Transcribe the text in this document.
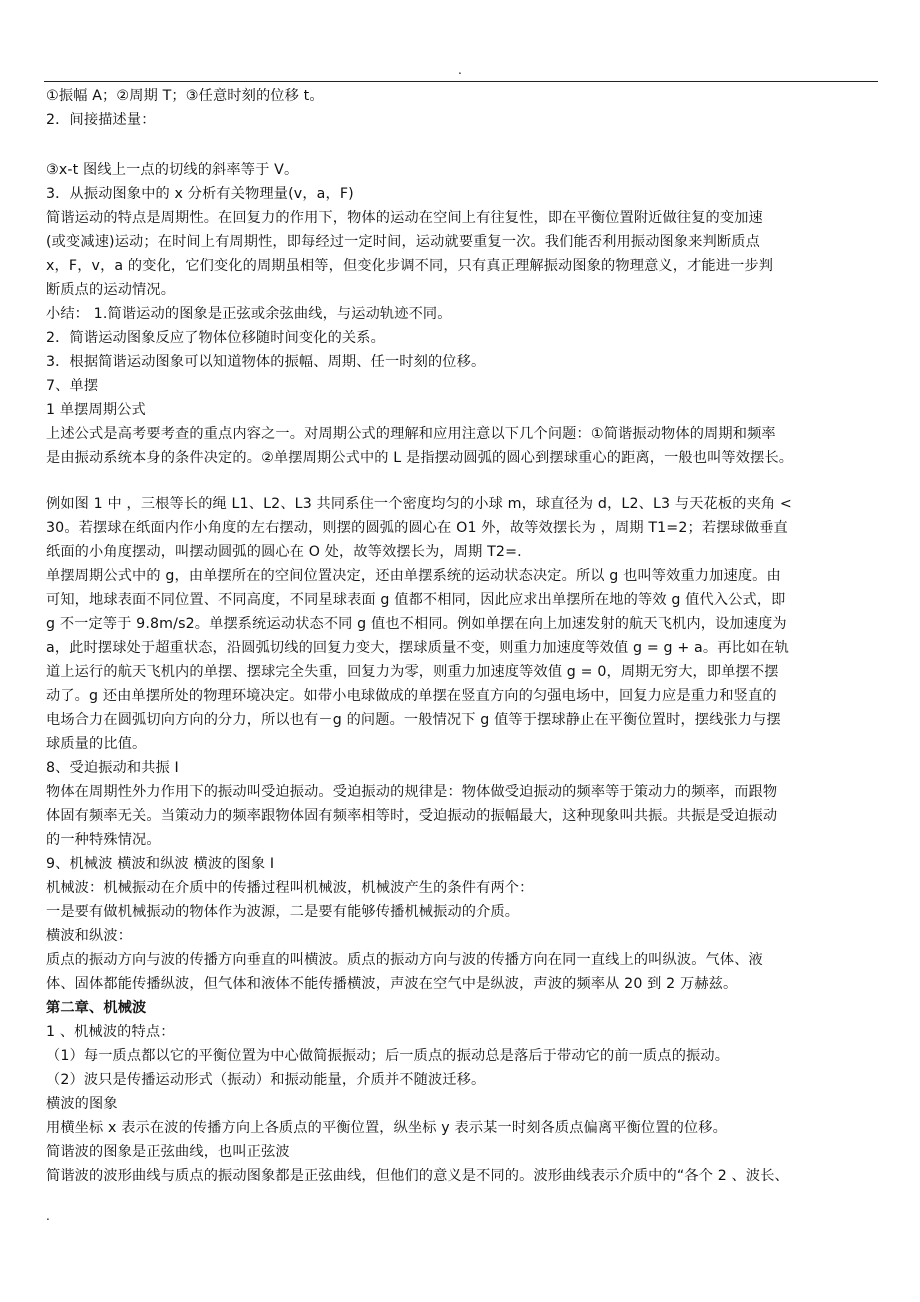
.
①振幅 A；②周期 T；③任意时刻的位移 t。
2．间接描述量：
③x-t 图线上一点的切线的斜率等于 V。
3．从振动图象中的 x 分析有关物理量(v，a，F)
简谐运动的特点是周期性。在回复力的作用下，物体的运动在空间上有往复性，即在平衡位置附近做往复的变加速
(或变减速)运动；在时间上有周期性，即每经过一定时间，运动就要重复一次。我们能否利用振动图象来判断质点
x，F，v，a 的变化，它们变化的周期虽相等，但变化步调不同，只有真正理解振动图象的物理意义，才能进一步判
断质点的运动情况。
小结： 1.简谐运动的图象是正弦或余弦曲线，与运动轨迹不同。
2．简谐运动图象反应了物体位移随时间变化的关系。
3．根据简谐运动图象可以知道物体的振幅、周期、任一时刻的位移。
7、单摆
1 单摆周期公式
上述公式是高考要考查的重点内容之一。对周期公式的理解和应用注意以下几个问题：①简谐振动物体的周期和频率
是由振动系统本身的条件决定的。②单摆周期公式中的 L 是指摆动圆弧的圆心到摆球重心的距离，一般也叫等效摆长。
例如图 1 中 ，三根等长的绳 L1、L2、L3 共同系住一个密度均匀的小球 m，球直径为 d，L2、L3 与天花板的夹角 <
30。若摆球在纸面内作小角度的左右摆动，则摆的圆弧的圆心在 O1 外，故等效摆长为 ，周期 T1=2；若摆球做垂直
纸面的小角度摆动，叫摆动圆弧的圆心在 O 处，故等效摆长为，周期 T2=.
单摆周期公式中的 g，由单摆所在的空间位置决定，还由单摆系统的运动状态决定。所以 g 也叫等效重力加速度。由
可知，地球表面不同位置、不同高度，不同星球表面 g 值都不相同，因此应求出单摆所在地的等效 g 值代入公式，即
g 不一定等于 9.8m/s2。单摆系统运动状态不同 g 值也不相同。例如单摆在向上加速发射的航天飞机内，设加速度为
a，此时摆球处于超重状态，沿圆弧切线的回复力变大，摆球质量不变，则重力加速度等效值 g = g + a。再比如在轨
道上运行的航天飞机内的单摆、摆球完全失重，回复力为零，则重力加速度等效值 g = 0，周期无穷大，即单摆不摆
动了。g 还由单摆所处的物理环境决定。如带小电球做成的单摆在竖直方向的匀强电场中，回复力应是重力和竖直的
电场合力在圆弧切向方向的分力，所以也有－g 的问题。一般情况下 g 值等于摆球静止在平衡位置时，摆线张力与摆
球质量的比值。
8、受迫振动和共振 I
物体在周期性外力作用下的振动叫受迫振动。受迫振动的规律是：物体做受迫振动的频率等于策动力的频率，而跟物
体固有频率无关。当策动力的频率跟物体固有频率相等时，受迫振动的振幅最大，这种现象叫共振。共振是受迫振动
的一种特殊情况。
9、机械波 横波和纵波 横波的图象 I
机械波：机械振动在介质中的传播过程叫机械波，机械波产生的条件有两个：
一是要有做机械振动的物体作为波源，二是要有能够传播机械振动的介质。
横波和纵波：
质点的振动方向与波的传播方向垂直的叫横波。质点的振动方向与波的传播方向在同一直线上的叫纵波。气体、液
体、固体都能传播纵波，但气体和液体不能传播横波，声波在空气中是纵波，声波的频率从 20 到 2 万赫兹。
第二章、机械波
1 、机械波的特点：
（1）每一质点都以它的平衡位置为中心做简振振动；后一质点的振动总是落后于带动它的前一质点的振动。
（2）波只是传播运动形式（振动）和振动能量，介质并不随波迁移。
横波的图象
用横坐标 x 表示在波的传播方向上各质点的平衡位置，纵坐标 y 表示某一时刻各质点偏离平衡位置的位移。
简谐波的图象是正弦曲线，也叫正弦波
简谐波的波形曲线与质点的振动图象都是正弦曲线，但他们的意义是不同的。波形曲线表示介质中的“各个 2 、波长、
.
